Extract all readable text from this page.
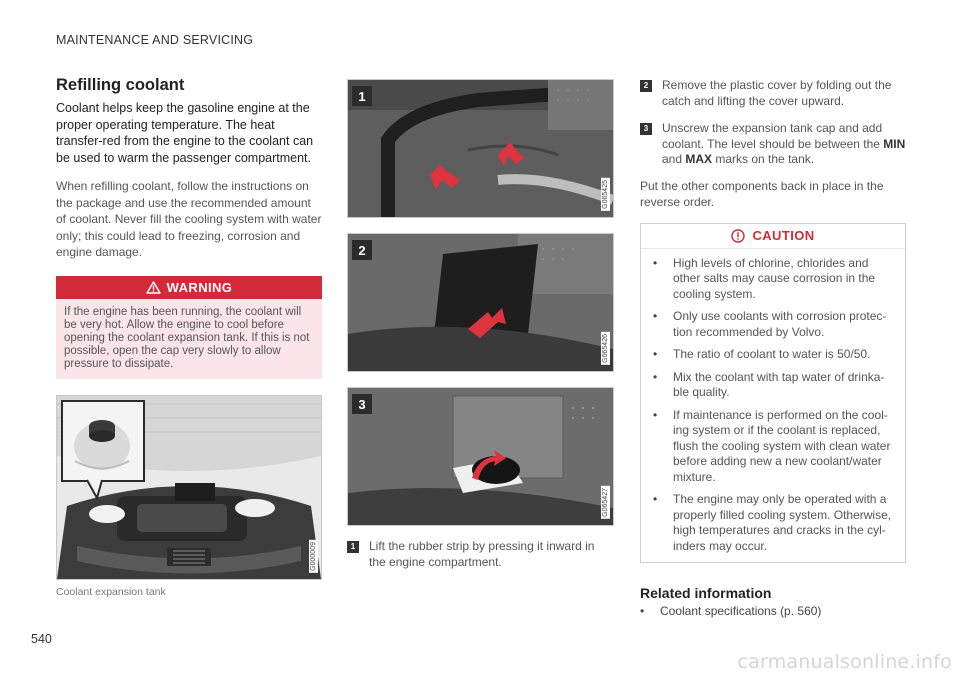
MAINTENANCE AND SERVICING
Refilling coolant

Coolant helps keep the gasoline engine at the proper operating temperature. The heat transfer-red from the engine to the coolant can be used to warm the passenger compartment.

When refilling coolant, follow the instructions on the package and use the recommended amount of coolant. Never fill the cooling system with water only; this could lead to freezing, corrosion and engine damage.

WARNING
If the engine has been running, the coolant will be very hot. Allow the engine to cool before opening the coolant expansion tank. If this is not possible, open the cap very slowly to allow pressure to dissipate.
G000009
Coolant expansion tank
1
G065425
2
G065426
3
G065427
1	Lift the rubber strip by pressing it inward in the engine compartment.
2	Remove the plastic cover by folding out the catch and lifting the cover upward.
3	Unscrew the expansion tank cap and add coolant. The level should be between the MIN and MAX marks on the tank.

Put the other components back in place in the reverse order.

CAUTION
•	High levels of chlorine, chlorides and other salts may cause corrosion in the cooling system.
•	Only use coolants with corrosion protec-tion recommended by Volvo.
•	The ratio of coolant to water is 50/50.
•	Mix the coolant with tap water of drinka-ble quality.
•	If maintenance is performed on the cool-ing system or if the coolant is replaced, flush the cooling system with clean water before adding new a new coolant/water mixture.
•	The engine may only be operated with a properly filled cooling system. Otherwise, high temperatures and cracks in the cyl-inders may occur.
Related information
•	Coolant specifications (p. 560)
540
carmanualsonline.info
